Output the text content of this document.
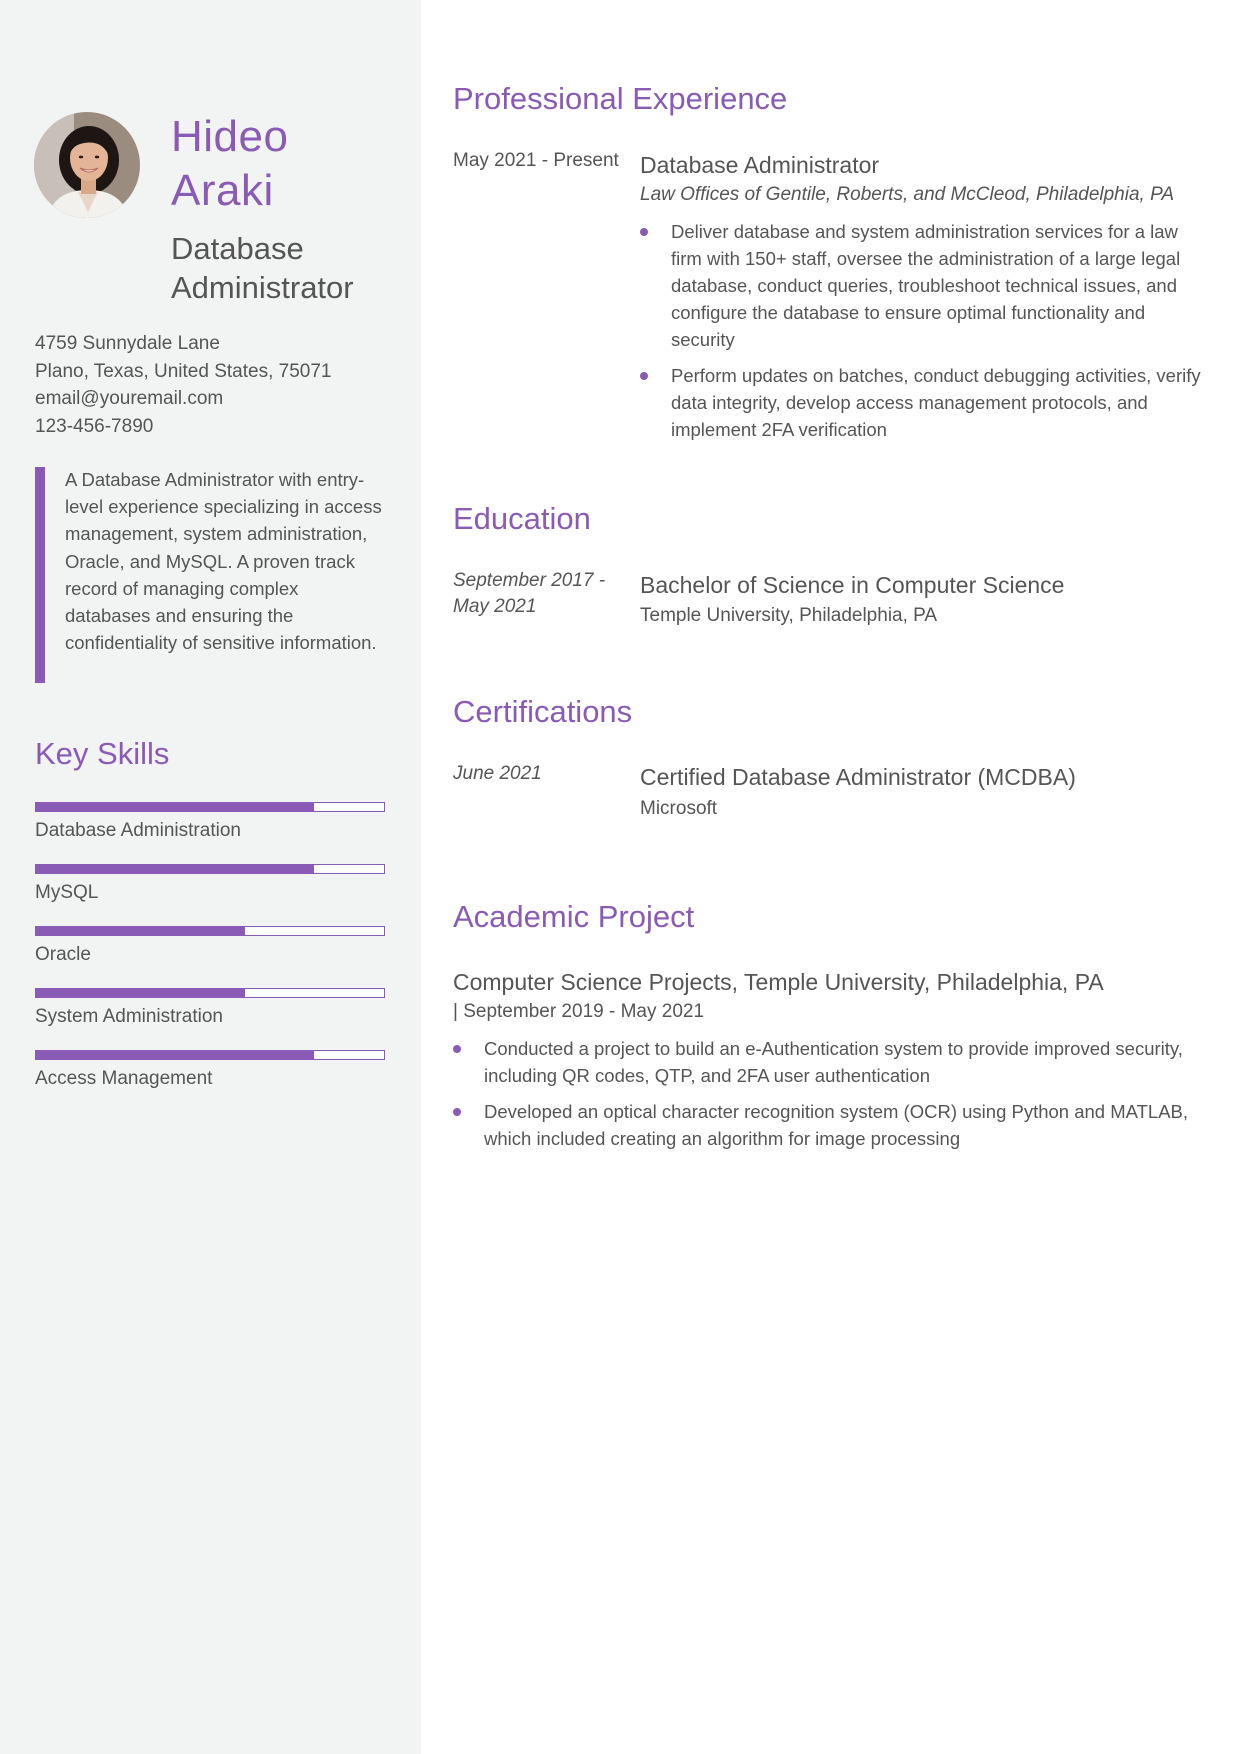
Hideo
Araki
Database
Administrator
4759 Sunnydale Lane
Plano, Texas, United States, 75071
email@youremail.com
123-456-7890

A Database Administrator with entry-level experience specializing in access management, system administration, Oracle, and MySQL. A proven track record of managing complex databases and ensuring the confidentiality of sensitive information.

Key Skills
Database Administration
MySQL
Oracle
System Administration
Access Management
Professional Experience
May 2021 - Present Database Administrator
Law Offices of Gentile, Roberts, and McCleod, Philadelphia, PA
Deliver database and system administration services for a law firm with 150+ staff, oversee the administration of a large legal database, conduct queries, troubleshoot technical issues, and configure the database to ensure optimal functionality and security
Perform updates on batches, conduct debugging activities, verify data integrity, develop access management protocols, and implement 2FA verification
Education
September 2017 -
May 2021
Bachelor of Science in Computer Science
Temple University, Philadelphia, PA
Certifications
June 2021	Certified Database Administrator (MCDBA)
Microsoft
Academic Project
Computer Science Projects, Temple University, Philadelphia, PA
| September 2019 - May 2021
Conducted a project to build an e-Authentication system to provide improved security, including QR codes, QTP, and 2FA user authentication
Developed an optical character recognition system (OCR) using Python and MATLAB, which included creating an algorithm for image processing
